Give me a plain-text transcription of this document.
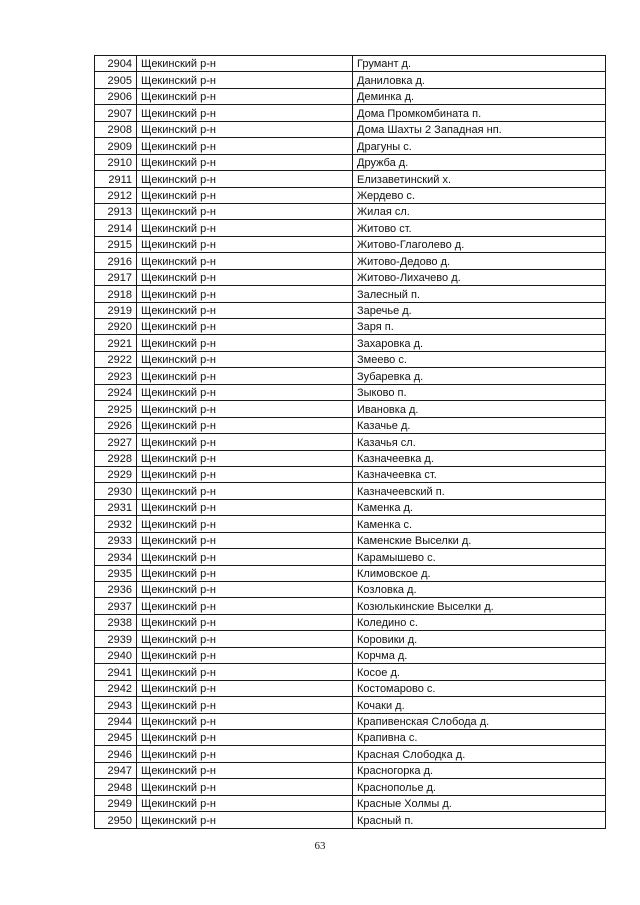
2904	Щекинский р-н	Грумант д.
2905	Щекинский р-н	Даниловка д.
2906	Щекинский р-н	Деминка д.
2907	Щекинский р-н	Дома Промкомбината п.
2908	Щекинский р-н	Дома Шахты 2 Западная нп.
2909	Щекинский р-н	Драгуны с.
2910	Щекинский р-н	Дружба д.
2911	Щекинский р-н	Елизаветинский х.
2912	Щекинский р-н	Жердево с.
2913	Щекинский р-н	Жилая сл.
2914	Щекинский р-н	Житово ст.
2915	Щекинский р-н	Житово-Глаголево д.
2916	Щекинский р-н	Житово-Дедово д.
2917	Щекинский р-н	Житово-Лихачево д.
2918	Щекинский р-н	Залесный п.
2919	Щекинский р-н	Заречье д.
2920	Щекинский р-н	Заря п.
2921	Щекинский р-н	Захаровка д.
2922	Щекинский р-н	Змеево с.
2923	Щекинский р-н	Зубаревка д.
2924	Щекинский р-н	Зыково п.
2925	Щекинский р-н	Ивановка д.
2926	Щекинский р-н	Казачье д.
2927	Щекинский р-н	Казачья сл.
2928	Щекинский р-н	Казначеевка д.
2929	Щекинский р-н	Казначеевка ст.
2930	Щекинский р-н	Казначеевский п.
2931	Щекинский р-н	Каменка д.
2932	Щекинский р-н	Каменка с.
2933	Щекинский р-н	Каменские Выселки д.
2934	Щекинский р-н	Карамышево с.
2935	Щекинский р-н	Климовское д.
2936	Щекинский р-н	Козловка д.
2937	Щекинский р-н	Козюлькинские Выселки д.
2938	Щекинский р-н	Коледино с.
2939	Щекинский р-н	Коровики д.
2940	Щекинский р-н	Корчма д.
2941	Щекинский р-н	Косое д.
2942	Щекинский р-н	Костомарово с.
2943	Щекинский р-н	Кочаки д.
2944	Щекинский р-н	Крапивенская Слобода д.
2945	Щекинский р-н	Крапивна с.
2946	Щекинский р-н	Красная Слободка д.
2947	Щекинский р-н	Красногорка д.
2948	Щекинский р-н	Краснополье д.
2949	Щекинский р-н	Красные Холмы д.
2950	Щекинский р-н	Красный п.
63
